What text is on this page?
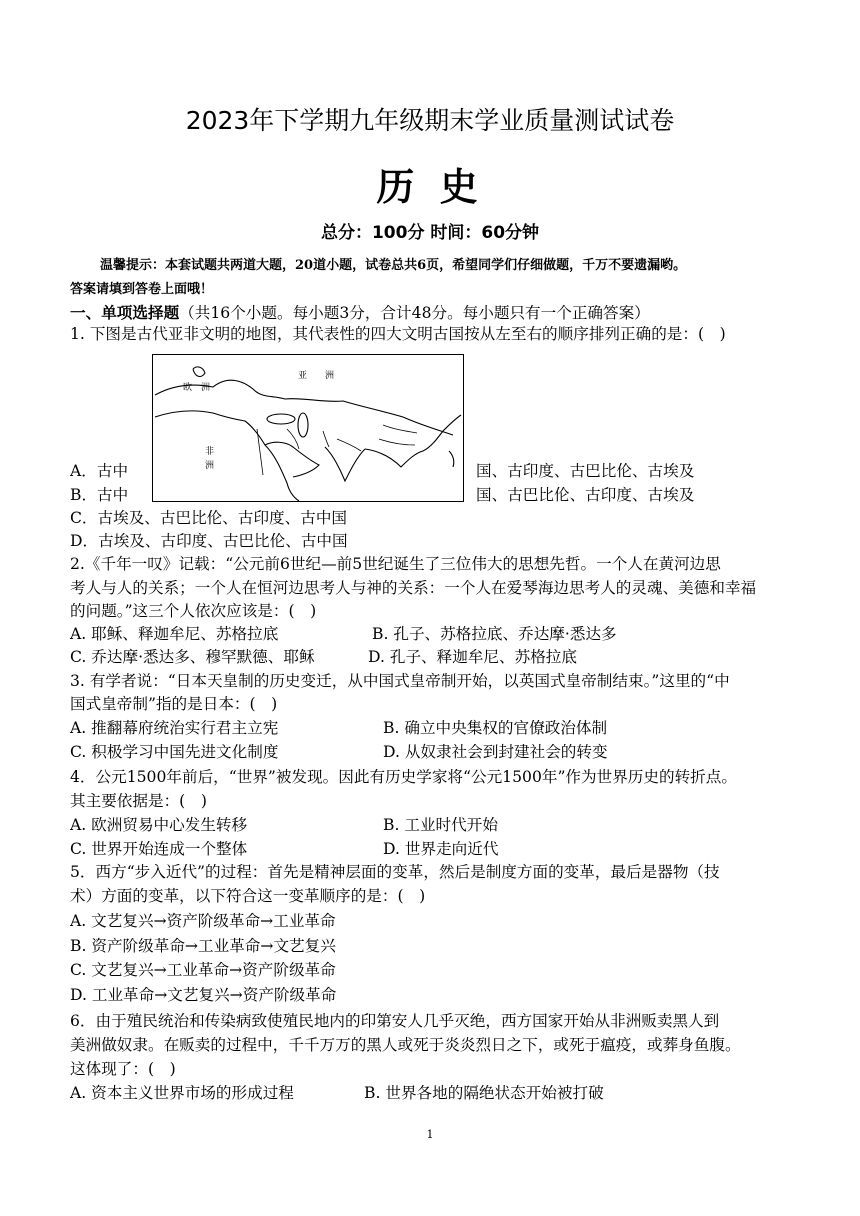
2023年下学期九年级期末学业质量测试试卷
历 史
总分：100分 时间：60分钟
温馨提示：本套试题共两道大题，20道小题，试卷总共6页，希望同学们仔细做题，千万不要遗漏哟。
答案请填到答卷上面哦！
一、单项选择题（共16个小题。每小题3分，合计48分。每小题只有一个正确答案）
1. 下图是古代亚非文明的地图，其代表性的四大文明古国按从左至右的顺序排列正确的是：(　)
欧　洲
亚　　洲
非
洲
A．古中	国、古印度、古巴比伦、古埃及
B．古中	国、古巴比伦、古印度、古埃及
C．古埃及、古巴比伦、古印度、古中国
D．古埃及、古印度、古巴比伦、古中国
2.《千年一叹》记载：“公元前6世纪—前5世纪诞生了三位伟大的思想先哲。一个人在黄河边思
考人与人的关系；一个人在恒河边思考人与神的关系：一个人在爱琴海边思考人的灵魂、美德和幸福
的问题。”这三个人依次应该是：(　)
A. 耶稣、释迦牟尼、苏格拉底	B. 孔子、苏格拉底、乔达摩·悉达多
C. 乔达摩·悉达多、穆罕默德、耶稣	D. 孔子、释迦牟尼、苏格拉底
3. 有学者说：“日本天皇制的历史变迁，从中国式皇帝制开始，以英国式皇帝制结束。”这里的“中
国式皇帝制”指的是日本：(　)
A. 推翻幕府统治实行君主立宪	B. 确立中央集权的官僚政治体制
C. 积极学习中国先进文化制度	D. 从奴隶社会到封建社会的转变
4．公元1500年前后，“世界”被发现。因此有历史学家将“公元1500年”作为世界历史的转折点。
其主要依据是：(　)
A. 欧洲贸易中心发生转移	B. 工业时代开始
C. 世界开始连成一个整体	D. 世界走向近代
5．西方“步入近代”的过程：首先是精神层面的变革，然后是制度方面的变革，最后是器物（技
术）方面的变革，以下符合这一变革顺序的是：(　)
A. 文艺复兴→资产阶级革命→工业革命
B. 资产阶级革命→工业革命→文艺复兴
C. 文艺复兴→工业革命→资产阶级革命
D. 工业革命→文艺复兴→资产阶级革命
6．由于殖民统治和传染病致使殖民地内的印第安人几乎灭绝，西方国家开始从非洲贩卖黑人到
美洲做奴隶。在贩卖的过程中，千千万万的黑人或死于炎炎烈日之下，或死于瘟疫，或葬身鱼腹。
这体现了：(　)
A. 资本主义世界市场的形成过程	B. 世界各地的隔绝状态开始被打破
1
